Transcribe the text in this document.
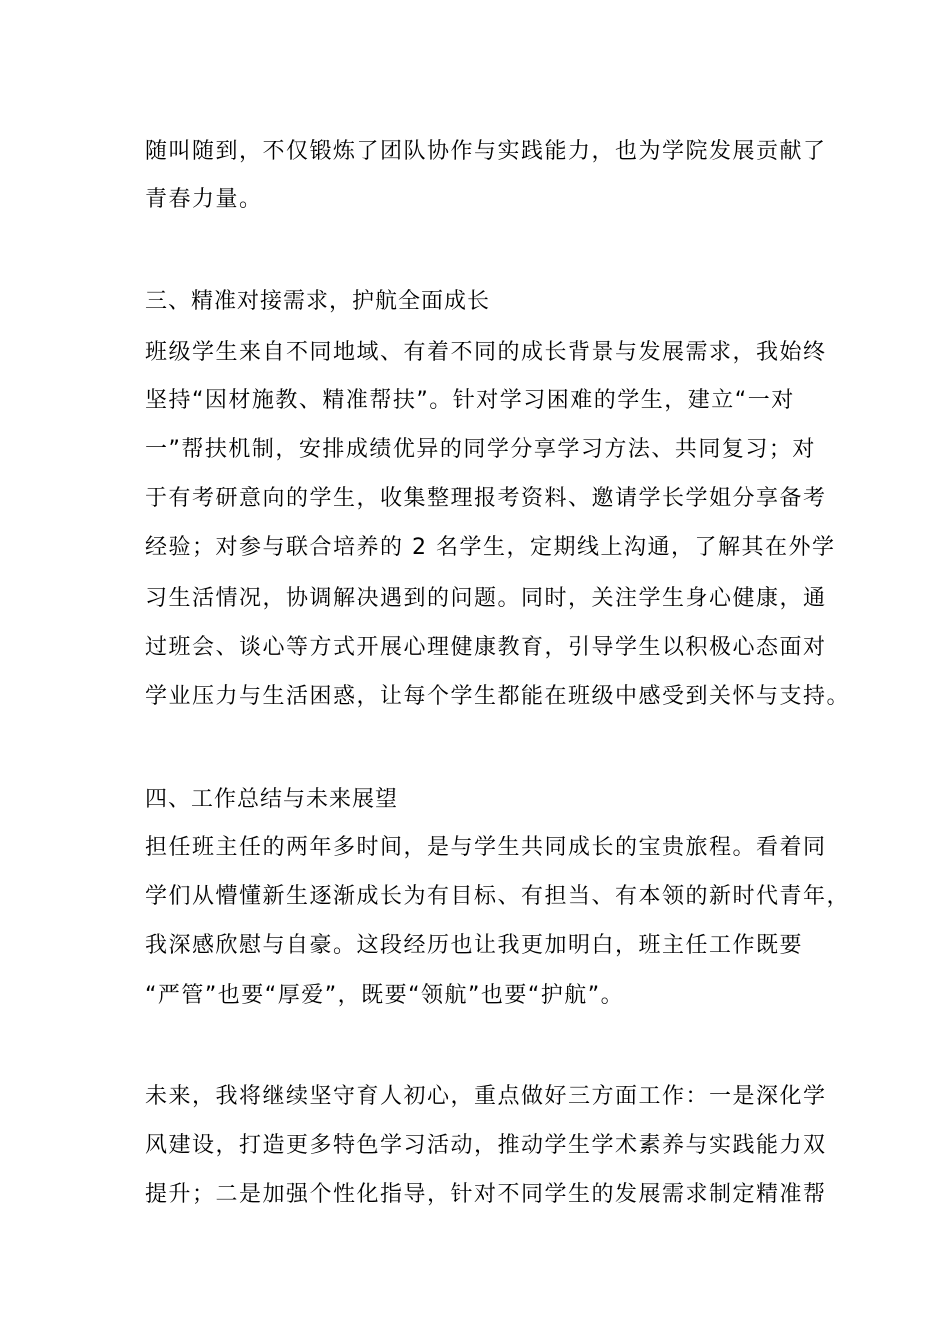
随叫随到，不仅锻炼了团队协作与实践能力，也为学院发展贡献了
青春力量。
三、精准对接需求，护航全面成长
班级学生来自不同地域、有着不同的成长背景与发展需求，我始终
坚持“因材施教、精准帮扶”。针对学习困难的学生，建立“一对
一”帮扶机制，安排成绩优异的同学分享学习方法、共同复习；对
于有考研意向的学生，收集整理报考资料、邀请学长学姐分享备考
经验；对参与联合培养的 2 名学生，定期线上沟通，了解其在外学
习生活情况，协调解决遇到的问题。同时，关注学生身心健康，通
过班会、谈心等方式开展心理健康教育，引导学生以积极心态面对
学业压力与生活困惑，让每个学生都能在班级中感受到关怀与支持。
四、工作总结与未来展望
担任班主任的两年多时间，是与学生共同成长的宝贵旅程。看着同
学们从懵懂新生逐渐成长为有目标、有担当、有本领的新时代青年，
我深感欣慰与自豪。这段经历也让我更加明白，班主任工作既要
“严管”也要“厚爱”，既要“领航”也要“护航”。
未来，我将继续坚守育人初心，重点做好三方面工作：一是深化学
风建设，打造更多特色学习活动，推动学生学术素养与实践能力双
提升；二是加强个性化指导，针对不同学生的发展需求制定精准帮
